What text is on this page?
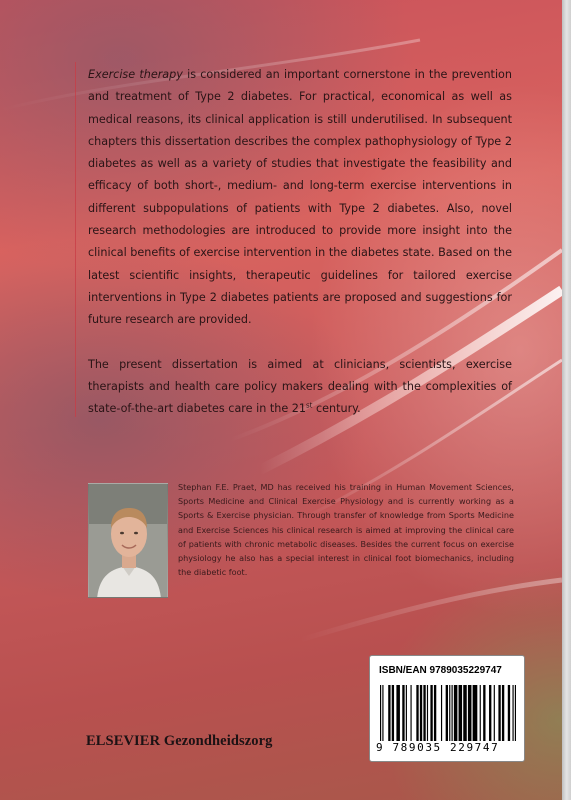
Exercise therapy is considered an important cornerstone in the prevention and treatment of Type 2 diabetes. For practical, economical as well as medical reasons, its clinical application is still underutilised. In subsequent chapters this dissertation describes the complex pathophysiology of Type 2 diabetes as well as a variety of studies that investigate the feasibility and efficacy of both short-, medium- and long-term exercise interventions in different subpopulations of patients with Type 2 diabetes. Also, novel research methodologies are introduced to provide more insight into the clinical benefits of exercise intervention in the diabetes state. Based on the latest scientific insights, therapeutic guidelines for tailored exercise interventions in Type 2 diabetes patients are proposed and suggestions for future research are provided.

The present dissertation is aimed at clinicians, scientists, exercise therapists and health care policy makers dealing with the complexities of state-of-the-art diabetes care in the 21st century.

Stephan F.E. Praet, MD has received his training in Human Movement Sciences, Sports Medicine and Clinical Exercise Physiology and is currently working as a Sports & Exercise physician. Through transfer of knowledge from Sports Medicine and Exercise Sciences his clinical research is aimed at improving the clinical care of patients with chronic metabolic diseases. Besides the current focus on exercise physiology he also has a special interest in clinical foot biomechanics, including the diabetic foot.
ELSEVIER Gezondheidszorg
ISBN/EAN 9789035229747
9 789035 229747
